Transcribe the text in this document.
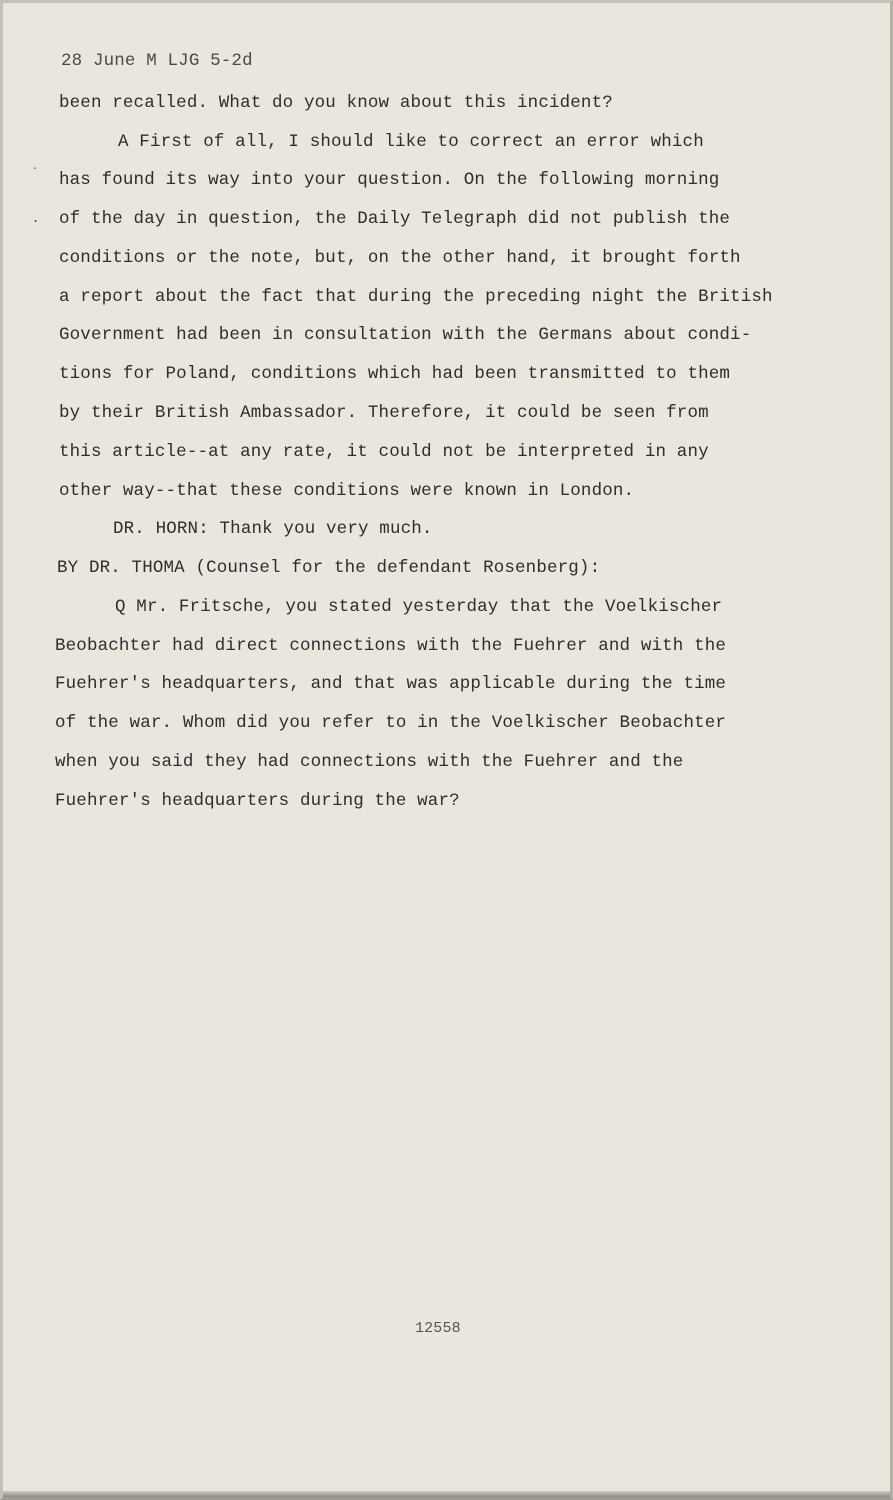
-
.
28 June M LJG 5-2d
been recalled. What do you know about this incident?
A First of all, I should like to correct an error which
has found its way into your question. On the following morning
of the day in question, the Daily Telegraph did not publish the
conditions or the note, but, on the other hand, it brought forth
a report about the fact that during the preceding night the British
Government had been in consultation with the Germans about condi-
tions for Poland, conditions which had been transmitted to them
by their British Ambassador. Therefore, it could be seen from
this article--at any rate, it could not be interpreted in any
other way--that these conditions were known in London.
DR. HORN: Thank you very much.
BY DR. THOMA (Counsel for the defendant Rosenberg):
Q Mr. Fritsche, you stated yesterday that the Voelkischer
Beobachter had direct connections with the Fuehrer and with the
Fuehrer's headquarters, and that was applicable during the time
of the war. Whom did you refer to in the Voelkischer Beobachter
when you said they had connections with the Fuehrer and the
Fuehrer's headquarters during the war?
12558
